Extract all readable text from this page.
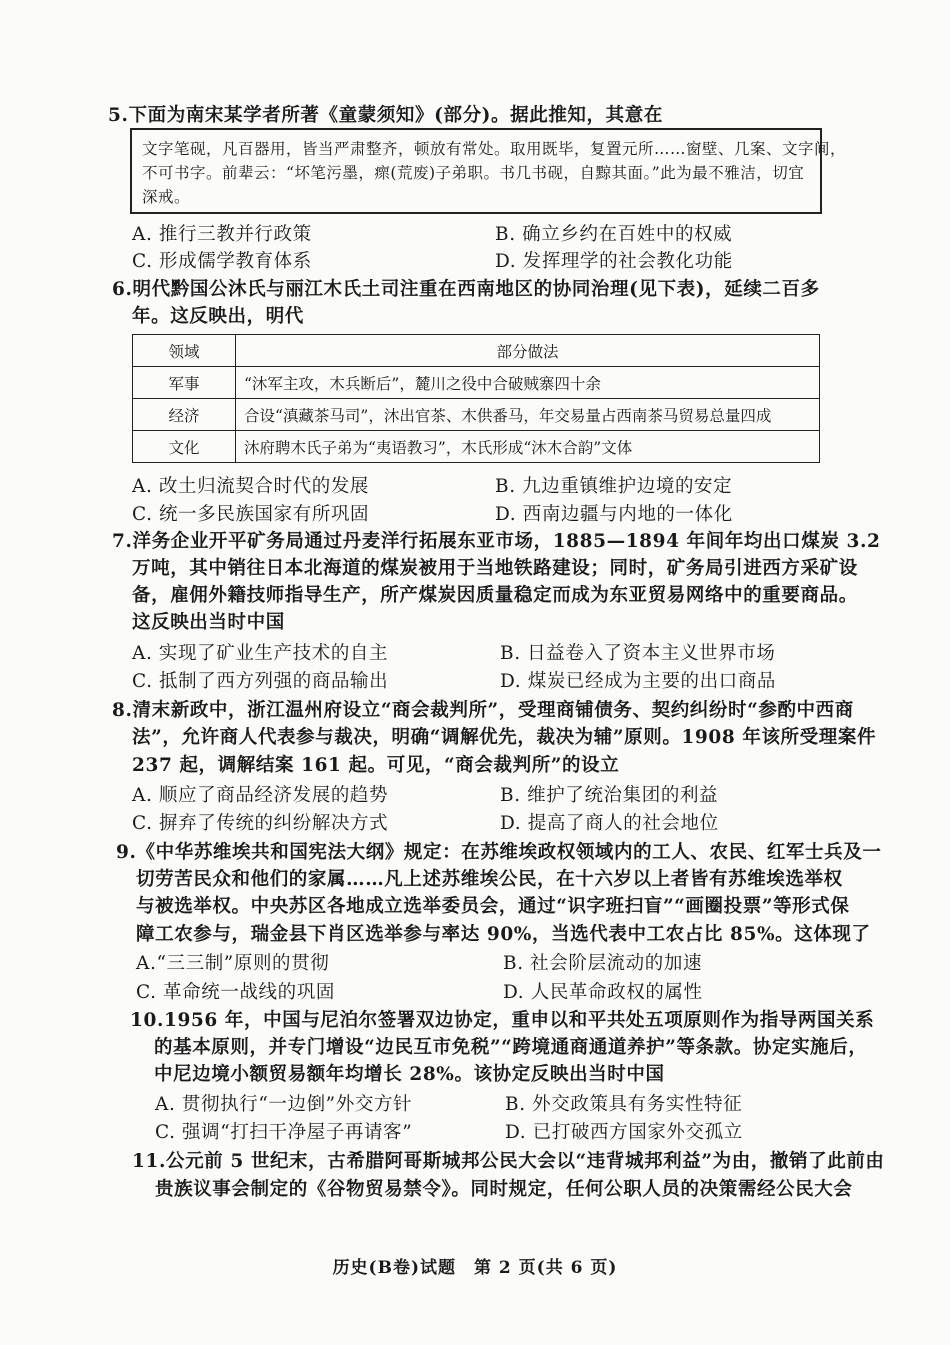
5.下面为南宋某学者所著《童蒙须知》(部分)。据此推知，其意在
文字笔砚，凡百器用，皆当严肃整齐，顿放有常处。取用既毕，复置元所……窗壁、几案、文字间，
不可书字。前辈云：“坏笔污墨，瘝(荒废)子弟职。书几书砚，自黥其面。”此为最不雅洁，切宜
深戒。
A. 推行三教并行政策	B. 确立乡约在百姓中的权威
C. 形成儒学教育体系	D. 发挥理学的社会教化功能
6.明代黔国公沐氏与丽江木氏土司注重在西南地区的协同治理(见下表)，延续二百多
年。这反映出，明代
领域	部分做法
军事	“沐军主攻，木兵断后”，麓川之役中合破贼寨四十余
经济	合设“滇藏茶马司”，沐出官茶、木供番马，年交易量占西南茶马贸易总量四成
文化	沐府聘木氏子弟为“夷语教习”，木氏形成“沐木合韵”文体
A. 改土归流契合时代的发展	B. 九边重镇维护边境的安定
C. 统一多民族国家有所巩固	D. 西南边疆与内地的一体化
7.洋务企业开平矿务局通过丹麦洋行拓展东亚市场，1885—1894 年间年均出口煤炭 3.2
万吨，其中销往日本北海道的煤炭被用于当地铁路建设；同时，矿务局引进西方采矿设
备，雇佣外籍技师指导生产，所产煤炭因质量稳定而成为东亚贸易网络中的重要商品。
这反映出当时中国
A. 实现了矿业生产技术的自主	B. 日益卷入了资本主义世界市场
C. 抵制了西方列强的商品输出	D. 煤炭已经成为主要的出口商品
8.清末新政中，浙江温州府设立“商会裁判所”，受理商铺债务、契约纠纷时“参酌中西商
法”，允许商人代表参与裁决，明确“调解优先，裁决为辅”原则。1908 年该所受理案件
237 起，调解结案 161 起。可见，“商会裁判所”的设立
A. 顺应了商品经济发展的趋势	B. 维护了统治集团的利益
C. 摒弃了传统的纠纷解决方式	D. 提高了商人的社会地位
9.《中华苏维埃共和国宪法大纲》规定：在苏维埃政权领域内的工人、农民、红军士兵及一
切劳苦民众和他们的家属……凡上述苏维埃公民，在十六岁以上者皆有苏维埃选举权
与被选举权。中央苏区各地成立选举委员会，通过“识字班扫盲”“画圈投票”等形式保
障工农参与，瑞金县下肖区选举参与率达 90%，当选代表中工农占比 85%。这体现了
A.“三三制”原则的贯彻	B. 社会阶层流动的加速
C. 革命统一战线的巩固	D. 人民革命政权的属性
10.1956 年，中国与尼泊尔签署双边协定，重申以和平共处五项原则作为指导两国关系
的基本原则，并专门增设“边民互市免税”“跨境通商通道养护”等条款。协定实施后，
中尼边境小额贸易额年均增长 28%。该协定反映出当时中国
A. 贯彻执行“一边倒”外交方针	B. 外交政策具有务实性特征
C. 强调“打扫干净屋子再请客”	D. 已打破西方国家外交孤立
11.公元前 5 世纪末，古希腊阿哥斯城邦公民大会以“违背城邦利益”为由，撤销了此前由
贵族议事会制定的《谷物贸易禁令》。同时规定，任何公职人员的决策需经公民大会
历史(B卷)试题　第 2 页(共 6 页)
